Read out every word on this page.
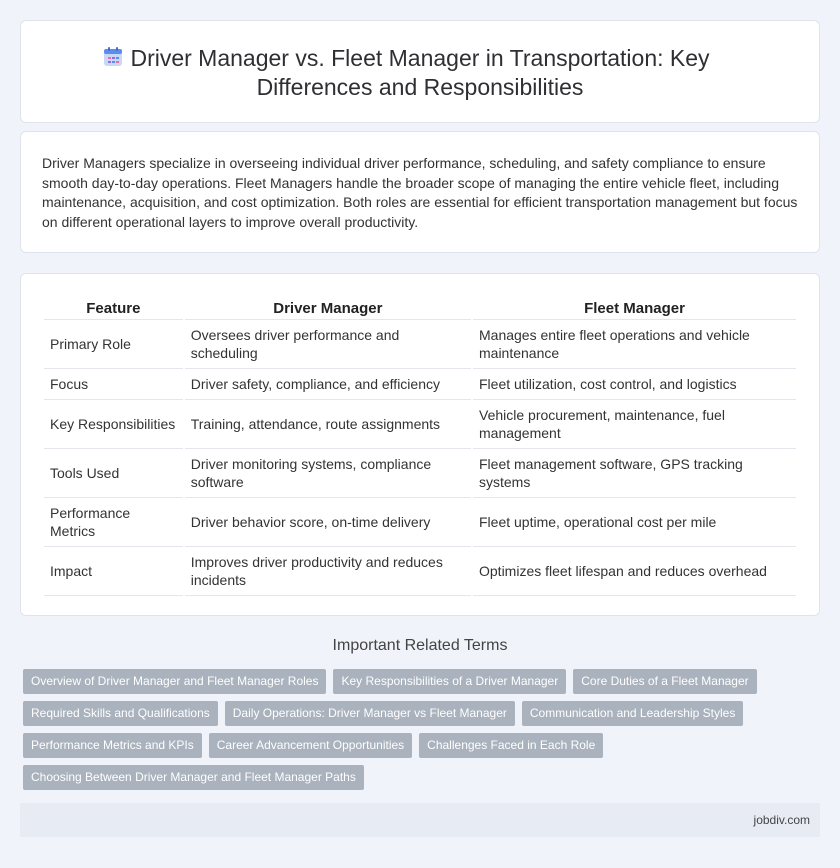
Driver Manager vs. Fleet Manager in Transportation: Key Differences and Responsibilities

Driver Managers specialize in overseeing individual driver performance, scheduling, and safety compliance to ensure smooth day-to-day operations. Fleet Managers handle the broader scope of managing the entire vehicle fleet, including maintenance, acquisition, and cost optimization. Both roles are essential for efficient transportation management but focus on different operational layers to improve overall productivity.

Feature	Driver Manager	Fleet Manager
Primary Role	Oversees driver performance and scheduling	Manages entire fleet operations and vehicle maintenance
Focus	Driver safety, compliance, and efficiency	Fleet utilization, cost control, and logistics
Key Responsibilities	Training, attendance, route assignments	Vehicle procurement, maintenance, fuel management
Tools Used	Driver monitoring systems, compliance software	Fleet management software, GPS tracking systems
Performance Metrics	Driver behavior score, on-time delivery	Fleet uptime, operational cost per mile
Impact	Improves driver productivity and reduces incidents	Optimizes fleet lifespan and reduces overhead
Important Related Terms
Overview of Driver Manager and Fleet Manager Roles	Key Responsibilities of a Driver Manager	Core Duties of a Fleet Manager
Required Skills and Qualifications	Daily Operations: Driver Manager vs Fleet Manager	Communication and Leadership Styles
Performance Metrics and KPIs	Career Advancement Opportunities	Challenges Faced in Each Role
Choosing Between Driver Manager and Fleet Manager Paths
jobdiv.com
